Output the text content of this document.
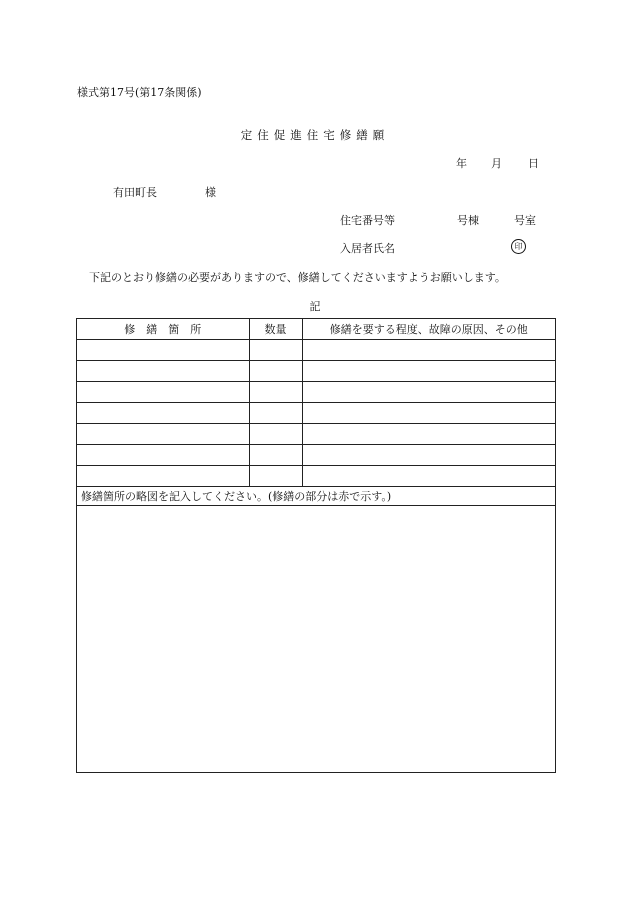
様式第17号(第17条関係)
定住促進住宅修繕願
年 月 日
有田町長	様
住宅番号等	号棟	号室
入居者氏名	印
下記のとおり修繕の必要がありますので、修繕してくださいますようお願いします。
記
修　繕　箇　所	数量	修繕を要する程度、故障の原因、その他

修繕箇所の略図を記入してください。(修繕の部分は赤で示す。)
